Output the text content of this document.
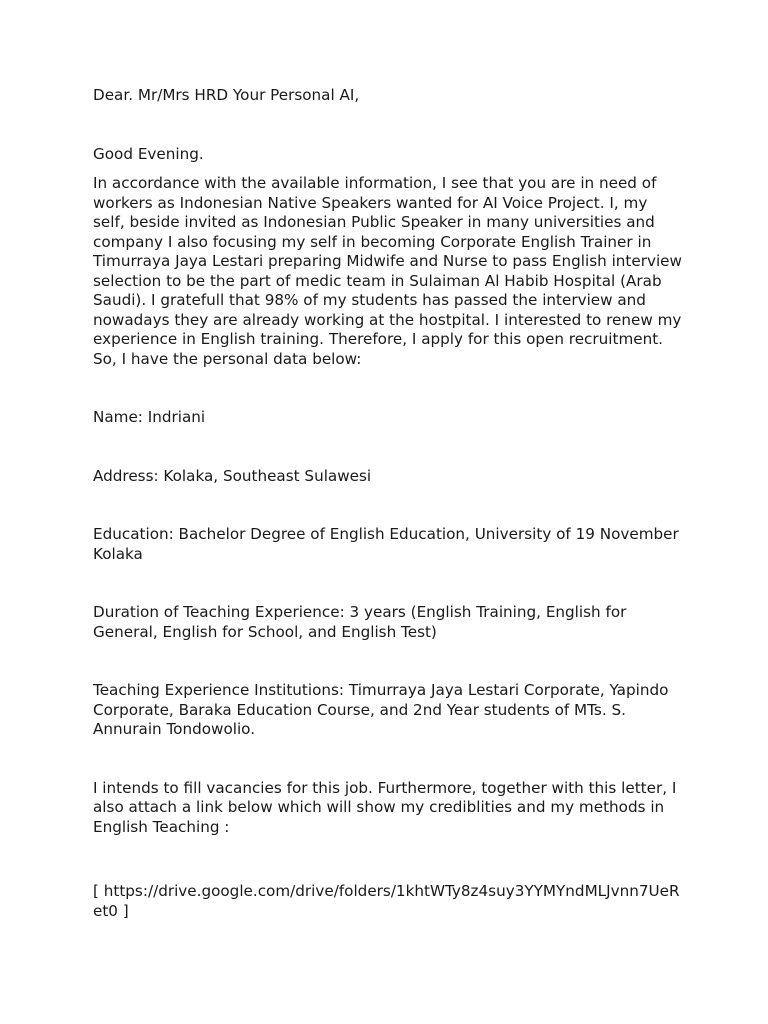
Dear. Mr/Mrs HRD Your Personal AI,

Good Evening.

In accordance with the available information, I see that you are in need of workers as Indonesian Native Speakers wanted for AI Voice Project. I, my self, beside invited as Indonesian Public Speaker in many universities and company I also focusing my self in becoming Corporate English Trainer in Timurraya Jaya Lestari preparing Midwife and Nurse to pass English interview selection to be the part of medic team in Sulaiman Al Habib Hospital (Arab Saudi). I gratefull that 98% of my students has passed the interview and nowadays they are already working at the hostpital. I interested to renew my experience in English training. Therefore, I apply for this open recruitment. So, I have the personal data below:

Name: Indriani

Address: Kolaka, Southeast Sulawesi

Education: Bachelor Degree of English Education, University of 19 November Kolaka

Duration of Teaching Experience: 3 years (English Training, English for General, English for School, and English Test)

Teaching Experience Institutions: Timurraya Jaya Lestari Corporate, Yapindo Corporate, Baraka Education Course, and 2nd Year students of MTs. S. Annurain Tondowolio.

I intends to fill vacancies for this job. Furthermore, together with this letter, I also attach a link below which will show my crediblities and my methods in English Teaching :

[ https://drive.google.com/drive/folders/1khtWTy8z4suy3YYMYndMLJvnn7UeRet0 ]
